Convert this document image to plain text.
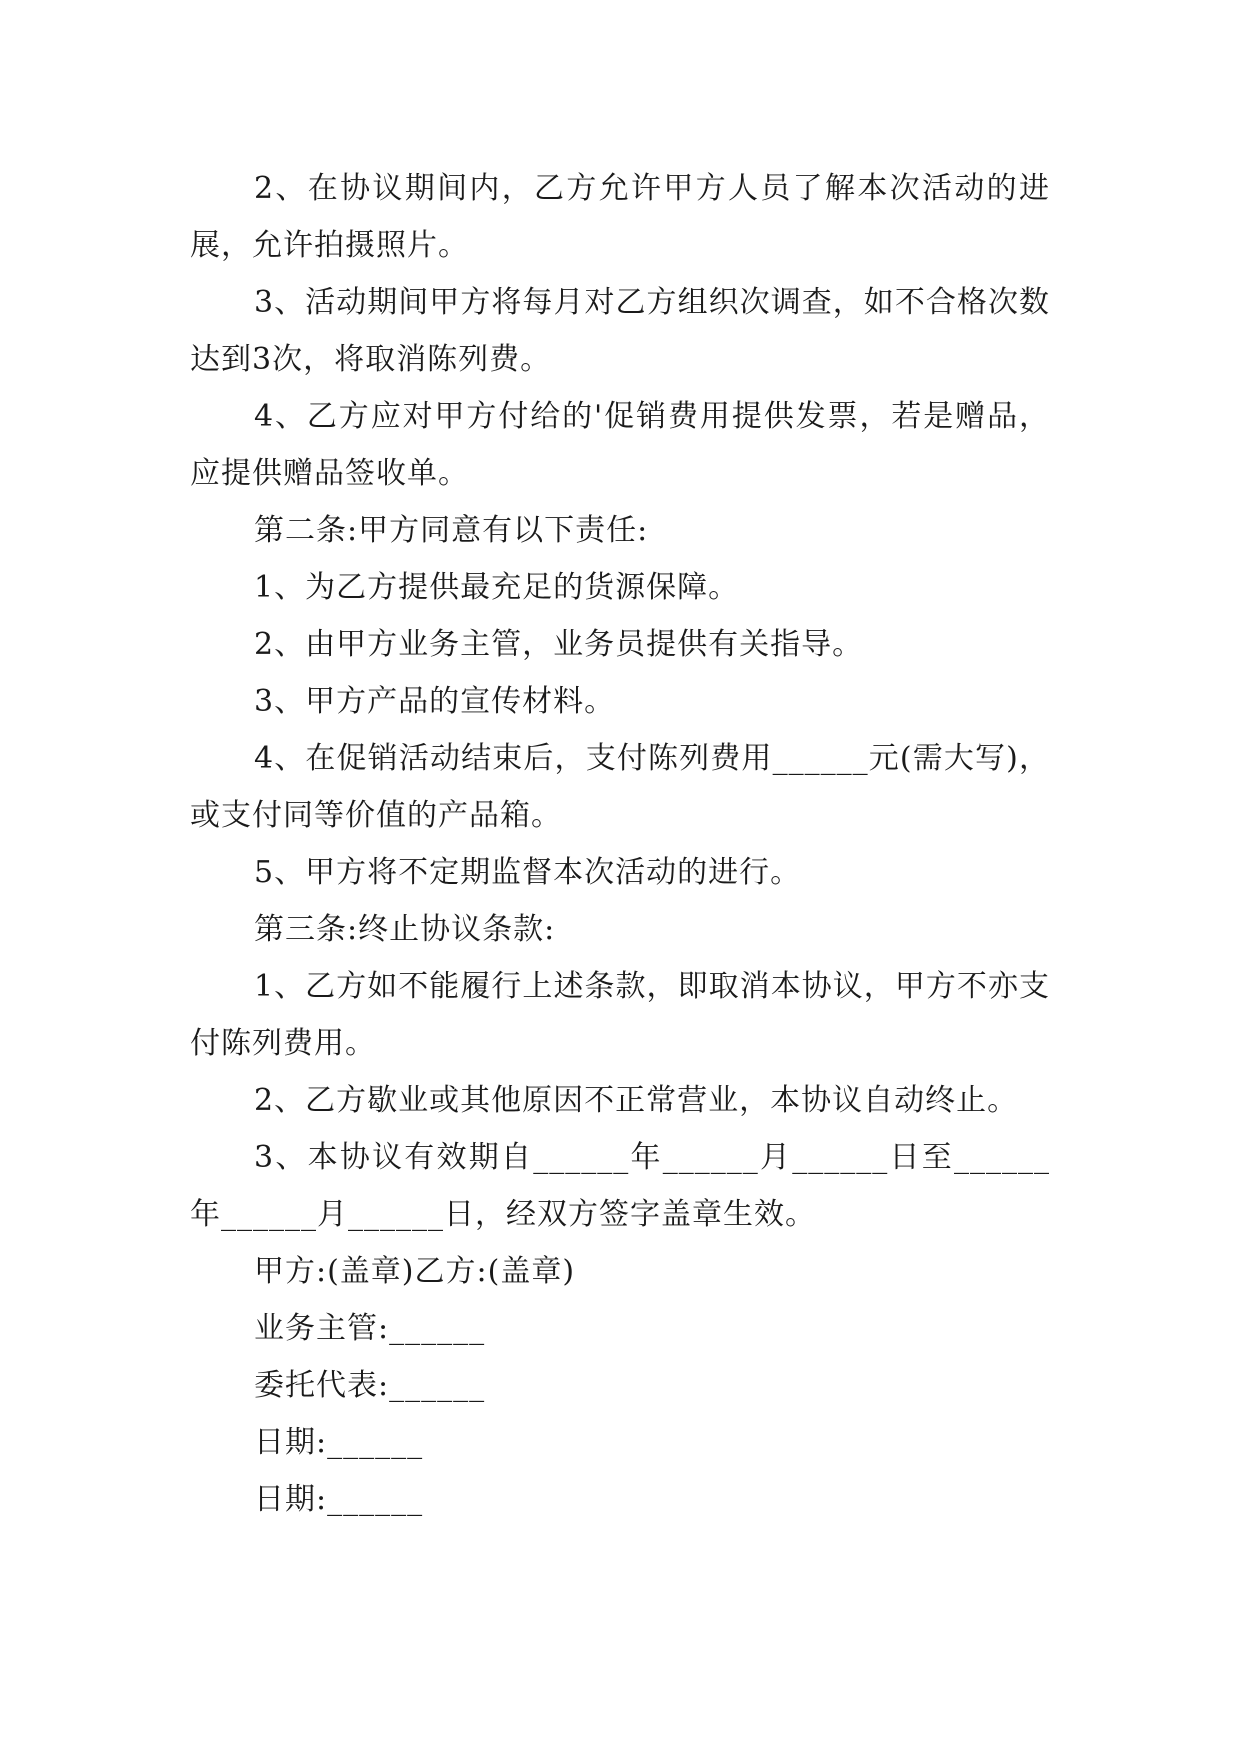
2、在协议期间内，乙方允许甲方人员了解本次活动的进展，允许拍摄照片。

3、活动期间甲方将每月对乙方组织次调查，如不合格次数达到3次，将取消陈列费。

4、乙方应对甲方付给的'促销费用提供发票，若是赠品，应提供赠品签收单。

第二条:甲方同意有以下责任:

1、为乙方提供最充足的货源保障。

2、由甲方业务主管，业务员提供有关指导。

3、甲方产品的宣传材料。

4、在促销活动结束后，支付陈列费用______元(需大写)，或支付同等价值的产品箱。

5、甲方将不定期监督本次活动的进行。

第三条:终止协议条款:

1、乙方如不能履行上述条款，即取消本协议，甲方不亦支付陈列费用。

2、乙方歇业或其他原因不正常营业，本协议自动终止。

3、本协议有效期自______年______月______日至______年______月______日，经双方签字盖章生效。

甲方:(盖章)乙方:(盖章)

业务主管:______

委托代表:______

日期:______

日期:______
